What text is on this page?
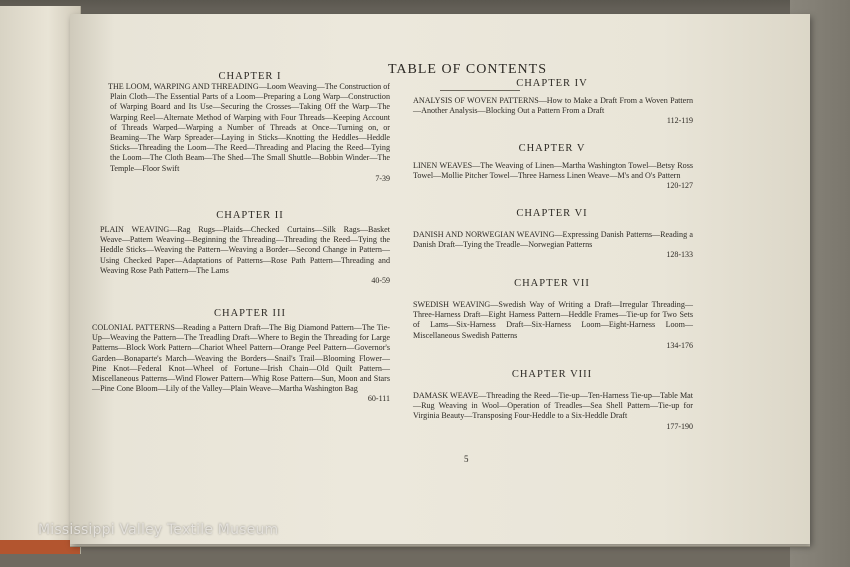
TABLE OF CONTENTS
CHAPTER I

THE LOOM, WARPING AND THREADING—Loom Weaving—The Construction of Plain Cloth—The Essential Parts of a Loom—Preparing a Long Warp—Construction of Warping Board and Its Use—Securing the Crosses—Taking Off the Warp—The Warping Reel—Alternate Method of Warping with Four Threads—Keeping Account of Threads Warped—Warping a Number of Threads at Once—Turning on, or Beaming—The Warp Spreader—Laying in Sticks—Knotting the Heddles—Heddle Sticks—Threading the Loom—The Reed—Threading and Placing the Reed—Tying the Loom—The Cloth Beam—The Shed—The Small Shuttle—Bobbin Winder—The Temple—Floor Swift
7-39

CHAPTER II

PLAIN WEAVING—Rag Rugs—Plaids—Checked Curtains—Silk Rags—Basket Weave—Pattern Weaving—Beginning the Threading—Threading the Reed—Tying the Heddle Sticks—Weaving the Pattern—Weaving a Border—Second Change in Pattern—Using Checked Paper—Adaptations of Patterns—Rose Path Pattern—Threading and Weaving Rose Path Pattern—The Lams
40-59

CHAPTER III

COLONIAL PATTERNS—Reading a Pattern Draft—The Big Diamond Pattern—The Tie-Up—Weaving the Pattern—The Treadling Draft—Where to Begin the Threading for Large Patterns—Block Work Pattern—Chariot Wheel Pattern—Orange Peel Pattern—Governor's Garden—Bonaparte's March—Weaving the Borders—Snail's Trail—Blooming Flower—Pine Knot—Federal Knot—Wheel of Fortune—Irish Chain—Old Quilt Pattern—Miscellaneous Patterns—Wind Flower Pattern—Whig Rose Pattern—Sun, Moon and Stars—Pine Cone Bloom—Lily of the Valley—Plain Weave—Martha Washington Bag
60-111

CHAPTER IV

ANALYSIS OF WOVEN PATTERNS—How to Make a Draft From a Woven Pattern—Another Analysis—Blocking Out a Pattern From a Draft
112-119

CHAPTER V

LINEN WEAVES—The Weaving of Linen—Martha Washington Towel—Betsy Ross Towel—Mollie Pitcher Towel—Three Harness Linen Weave—M's and O's Pattern
120-127

CHAPTER VI

DANISH AND NORWEGIAN WEAVING—Expressing Danish Patterns—Reading a Danish Draft—Tying the Treadle—Norwegian Patterns
128-133

CHAPTER VII

SWEDISH WEAVING—Swedish Way of Writing a Draft—Irregular Threading—Three-Harness Draft—Eight Harness Pattern—Heddle Frames—Tie-up for Two Sets of Lams—Six-Harness Draft—Six-Harness Loom—Eight-Harness Loom—Miscellaneous Swedish Patterns
134-176

CHAPTER VIII

DAMASK WEAVE—Threading the Reed—Tie-up—Ten-Harness Tie-up—Table Mat—Rug Weaving in Wool—Operation of Treadles—Sea Shell Pattern—Tie-up for Virginia Beauty—Transposing Four-Heddle to a Six-Heddle Draft
177-190

5
Mississippi Valley Textile Museum
